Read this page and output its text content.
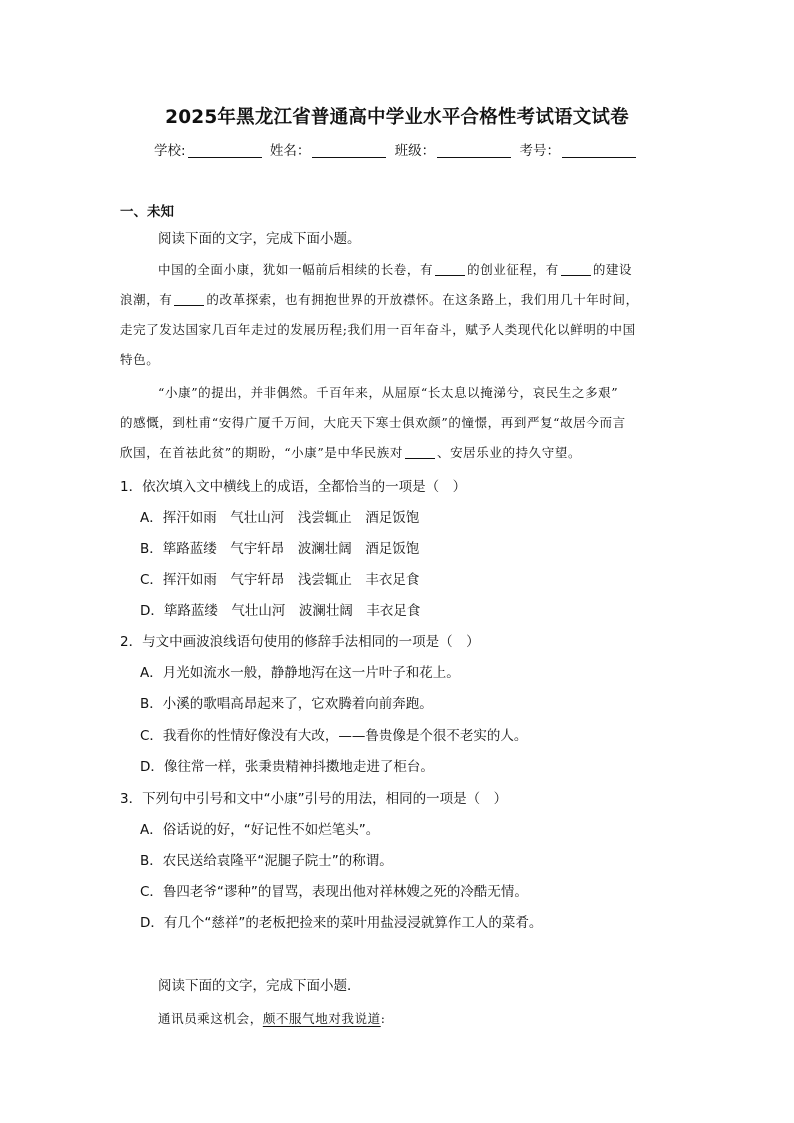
2025年黑龙江省普通高中学业水平合格性考试语文试卷
学校:	姓名：	班级：	考号：
一、未知
阅读下面的文字，完成下面小题。
中国的全面小康，犹如一幅前后相续的长卷，有	的创业征程，有	的建设
浪潮，有	的改革探索，也有拥抱世界的开放襟怀。在这条路上，我们用几十年时间，
走完了发达国家几百年走过的发展历程;我们用一百年奋斗，赋予人类现代化以鲜明的中国
特色。
“小康”的提出，并非偶然。千百年来，从屈原“长太息以掩涕兮，哀民生之多艰”
的感慨，到杜甫“安得广厦千万间，大庇天下寒士俱欢颜”的憧憬，再到严复“故居今而言
欣国，在首祛此贫”的期盼，“小康”是中华民族对	、安居乐业的持久守望。
1．依次填入文中横线上的成语，全都恰当的一项是（　）
A．挥汗如雨　气壮山河　浅尝辄止　酒足饭饱
B．筚路蓝缕　气宇轩昂　波澜壮阔　酒足饭饱
C．挥汗如雨　气宇轩昂　浅尝辄止　丰衣足食
D．筚路蓝缕　气壮山河　波澜壮阔　丰衣足食
2．与文中画波浪线语句使用的修辞手法相同的一项是（　）
A．月光如流水一般，静静地泻在这一片叶子和花上。
B．小溪的歌唱高昂起来了，它欢腾着向前奔跑。
C．我看你的性情好像没有大改，——鲁贵像是个很不老实的人。
D．像往常一样，张秉贵精神抖擞地走进了柜台。
3．下列句中引号和文中“小康”引号的用法，相同的一项是（　）
A．俗话说的好，“好记性不如烂笔头”。
B．农民送给袁隆平“泥腿子院士”的称谓。
C．鲁四老爷“谬种”的冒骂，表现出他对祥林嫂之死的冷酷无情。
D．有几个“慈祥”的老板把捡来的菜叶用盐浸浸就算作工人的菜肴。
阅读下面的文字，完成下面小题．
通讯员乘这机会，颇不服气地对我说道:
